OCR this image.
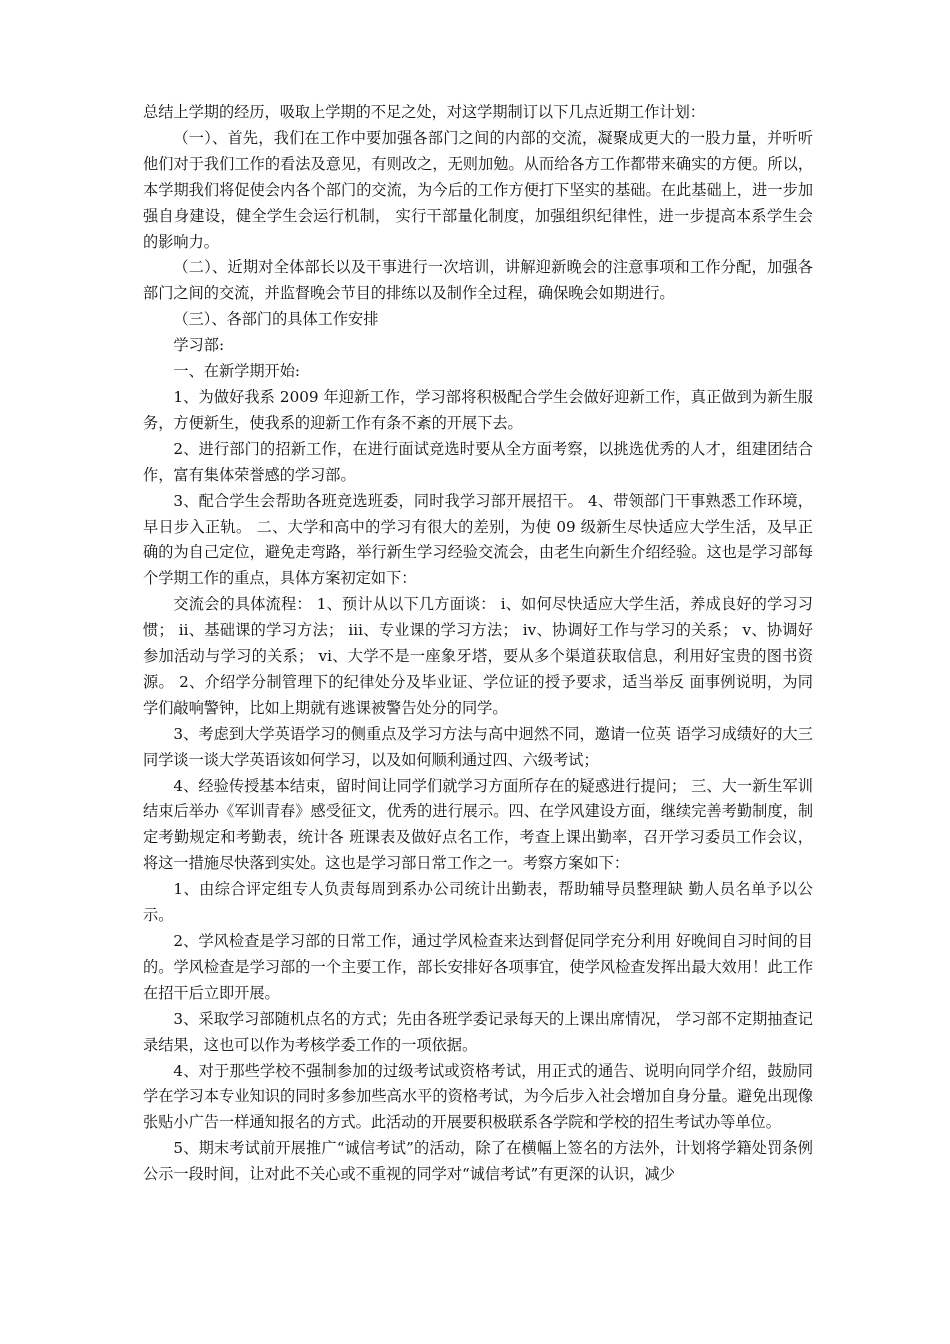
总结上学期的经历，吸取上学期的不足之处，对这学期制订以下几点近期工作计划：

（一）、首先，我们在工作中要加强各部门之间的内部的交流，凝聚成更大的一股力量，并听听他们对于我们工作的看法及意见，有则改之，无则加勉。从而给各方工作都带来确实的方便。所以，本学期我们将促使会内各个部门的交流，为今后的工作方便打下坚实的基础。在此基础上，进一步加强自身建设，健全学生会运行机制， 实行干部量化制度，加强组织纪律性，进一步提高本系学生会的影响力。

（二）、近期对全体部长以及干事进行一次培训，讲解迎新晚会的注意事项和工作分配，加强各部门之间的交流，并监督晚会节目的排练以及制作全过程，确保晚会如期进行。

（三）、各部门的具体工作安排

学习部:

一、在新学期开始:

1、为做好我系 2009 年迎新工作，学习部将积极配合学生会做好迎新工作，真正做到为新生服务，方便新生，使我系的迎新工作有条不紊的开展下去。

2、进行部门的招新工作，在进行面试竞选时要从全方面考察，以挑选优秀的人才，组建团结合作，富有集体荣誉感的学习部。

3、配合学生会帮助各班竞选班委，同时我学习部开展招干。 4、带领部门干事熟悉工作环境，早日步入正轨。 二、大学和高中的学习有很大的差别，为使 09 级新生尽快适应大学生活，及早正确的为自己定位，避免走弯路，举行新生学习经验交流会，由老生向新生介绍经验。这也是学习部每个学期工作的重点，具体方案初定如下：

交流会的具体流程： 1、预计从以下几方面谈： ⅰ、如何尽快适应大学生活，养成良好的学习习惯； ⅱ、基础课的学习方法； ⅲ、专业课的学习方法； ⅳ、协调好工作与学习的关系； ⅴ、协调好参加活动与学习的关系； ⅵ、大学不是一座象牙塔，要从多个渠道获取信息，利用好宝贵的图书资源。 2、介绍学分制管理下的纪律处分及毕业证、学位证的授予要求，适当举反 面事例说明，为同学们敲响警钟，比如上期就有逃课被警告处分的同学。

3、考虑到大学英语学习的侧重点及学习方法与高中迥然不同，邀请一位英 语学习成绩好的大三同学谈一谈大学英语该如何学习，以及如何顺利通过四、六级考试；

4、经验传授基本结束，留时间让同学们就学习方面所存在的疑惑进行提问； 三、大一新生军训结束后举办《军训青春》感受征文，优秀的进行展示。四、在学风建设方面，继续完善考勤制度，制定考勤规定和考勤表，统计各 班课表及做好点名工作，考查上课出勤率，召开学习委员工作会议，将这一措施尽快落到实处。这也是学习部日常工作之一。考察方案如下：

1、由综合评定组专人负责每周到系办公司统计出勤表，帮助辅导员整理缺 勤人员名单予以公示。

2、学风检查是学习部的日常工作，通过学风检查来达到督促同学充分利用 好晚间自习时间的目的。学风检查是学习部的一个主要工作，部长安排好各项事宜，使学风检查发挥出最大效用！此工作在招干后立即开展。

3、采取学习部随机点名的方式；先由各班学委记录每天的上课出席情况， 学习部不定期抽查记录结果，这也可以作为考核学委工作的一项依据。

4、对于那些学校不强制参加的过级考试或资格考试，用正式的通告、说明向同学介绍，鼓励同学在学习本专业知识的同时多参加些高水平的资格考试，为今后步入社会增加自身分量。避免出现像张贴小广告一样通知报名的方式。此活动的开展要积极联系各学院和学校的招生考试办等单位。

5、期末考试前开展推广“诚信考试”的活动，除了在横幅上签名的方法外，计划将学籍处罚条例公示一段时间，让对此不关心或不重视的同学对“诚信考试”有更深的认识，减少
